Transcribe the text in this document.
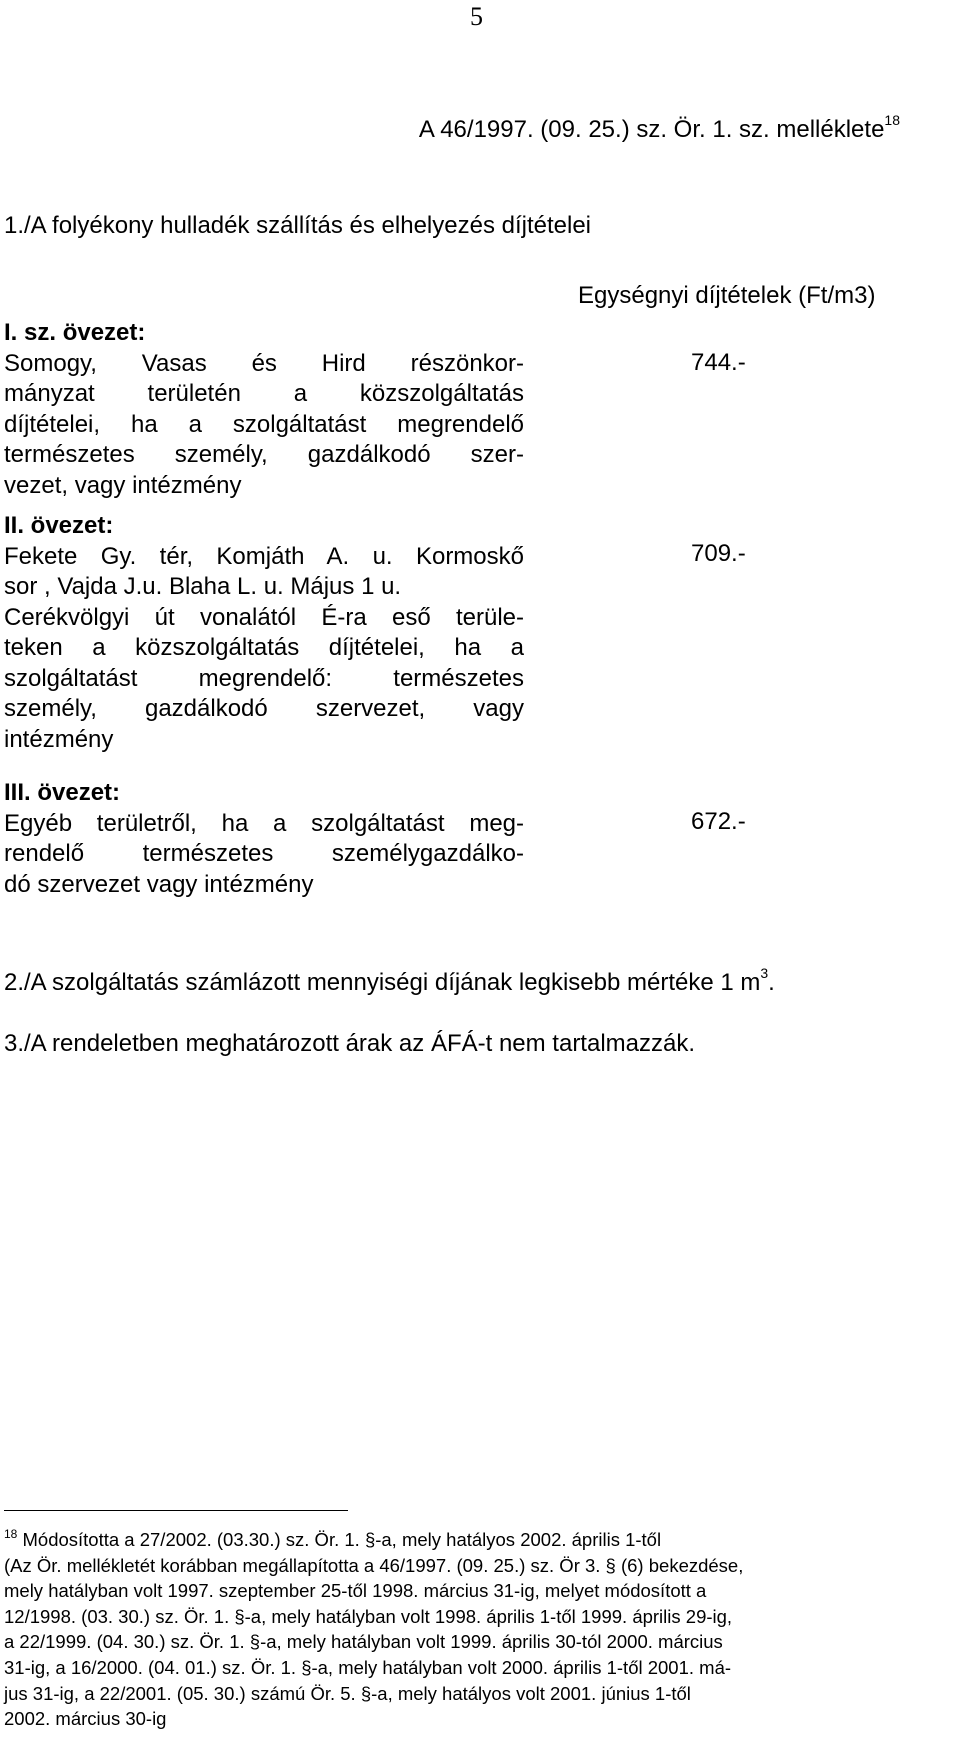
5
A 46/1997. (09. 25.) sz. Ör. 1. sz. melléklete$^{18}$
1./A folyékony hulladék szállítás és elhelyezés díjtételei
Egységnyi díjtételek (Ft/m3)
I. sz. övezet:
Somogy, Vasas és Hird részönkor-
mányzat területén a közszolgáltatás
díjtételei, ha a szolgáltatást megrendelő
természetes személy, gazdálkodó szer-
vezet, vagy intézmény
744.-
II. övezet:
Fekete Gy. tér, Komjáth A. u. Kormoskő
sor , Vajda J.u. Blaha L. u. Május 1 u.
Cerékvölgyi út vonalától É-ra eső terüle-
teken a közszolgáltatás díjtételei, ha a
szolgáltatást megrendelő: természetes
személy, gazdálkodó szervezet, vagy
intézmény
709.-
III. övezet:
Egyéb területről, ha a szolgáltatást meg-
rendelő természetes személygazdálko-
dó szervezet vagy intézmény
672.-
2./A szolgáltatás számlázott mennyiségi díjának legkisebb mértéke 1 $m^3$.
3./A rendeletben meghatározott árak az ÁFÁ-t nem tartalmazzák.
$^{18}$ Módosította a 27/2002. (03.30.) sz. Ör. 1. §-a, mely hatályos 2002. április 1-től
(Az Ör. mellékletét korábban megállapította a 46/1997. (09. 25.) sz. Ör 3. § (6) bekezdése,
mely hatályban volt 1997. szeptember 25-től 1998. március 31-ig, melyet módosított a
12/1998. (03. 30.) sz. Ör. 1. §-a, mely hatályban volt 1998. április 1-től 1999. április 29-ig,
a 22/1999. (04. 30.) sz. Ör. 1. §-a, mely hatályban volt 1999. április 30-tól 2000. március
31-ig, a 16/2000. (04. 01.) sz. Ör. 1. §-a, mely hatályban volt 2000. április 1-től 2001. má-
jus 31-ig, a 22/2001. (05. 30.) számú Ör. 5. §-a, mely hatályos volt 2001. június 1-től
2002. március 30-ig
